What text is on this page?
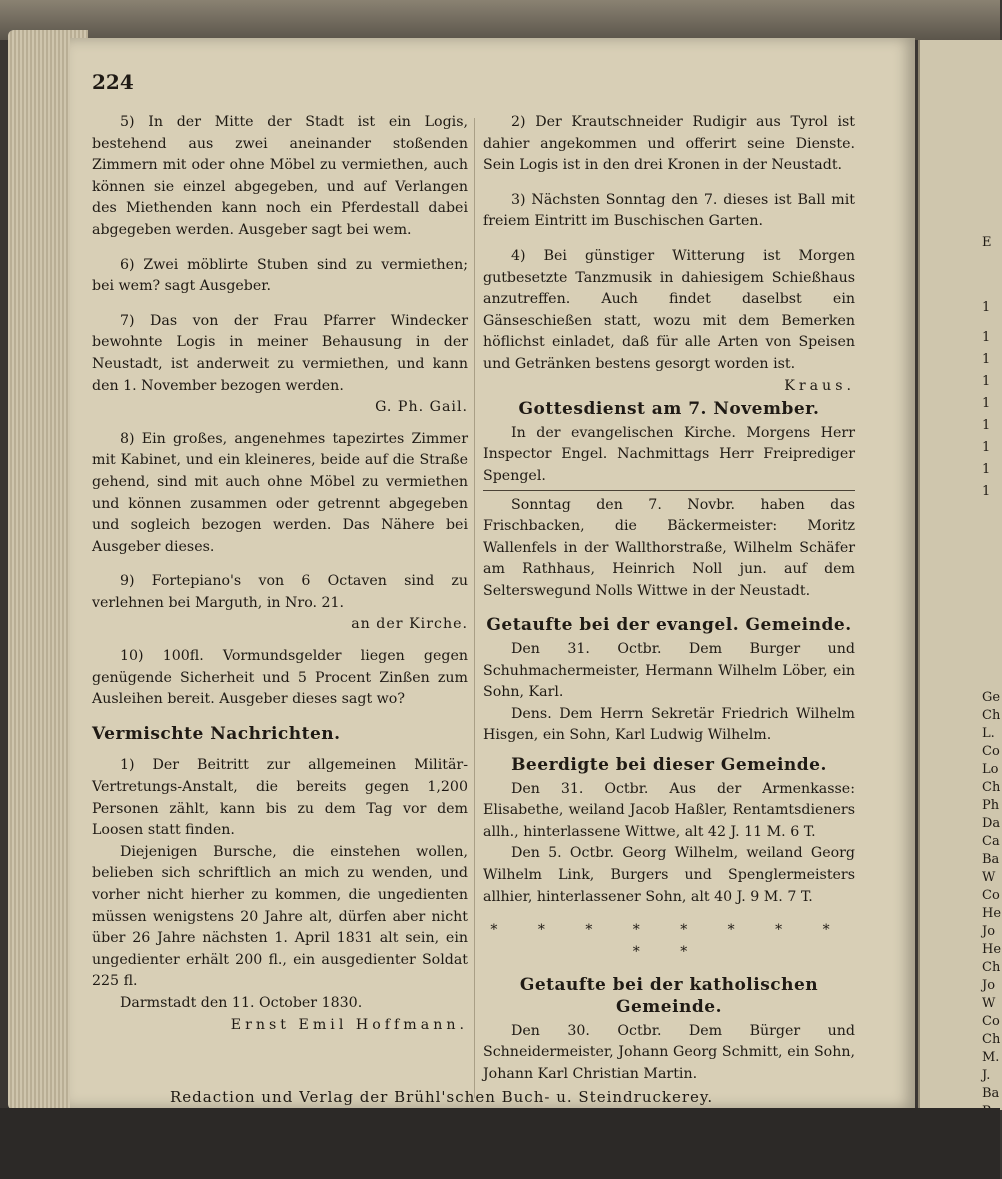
E
1
1
1
1
1
1
1
1
1
Ge
Ch
L.
Co
Lo
Ch
Ph
Da
Ca
Ba
W
Co
He
Jo
He
Ch
Jo
W
Co
Ch
M.
J.
Ba
224

5) In der Mitte der Stadt ist ein Logis, bestehend aus zwei aneinander stoßenden Zimmern mit oder ohne Möbel zu vermiethen, auch können sie einzel abgegeben, und auf Verlangen des Miethenden kann noch ein Pferdestall dabei abgegeben werden. Ausgeber sagt bei wem.

6) Zwei möblirte Stuben sind zu vermiethen; bei wem? sagt Ausgeber.

7) Das von der Frau Pfarrer Windecker bewohnte Logis in meiner Behausung in der Neustadt, ist anderweit zu vermiethen, und kann den 1. November bezogen werden.

G. Ph. Gail.

8) Ein großes, angenehmes tapezirtes Zimmer mit Kabinet, und ein kleineres, beide auf die Straße gehend, sind mit auch ohne Möbel zu vermiethen und können zusammen oder getrennt abgegeben und sogleich bezogen werden. Das Nähere bei Ausgeber dieses.

9) Fortepiano's von 6 Octaven sind zu verlehnen bei Marguth, in Nro. 21.

an der Kirche.

10) 100fl. Vormundsgelder liegen gegen genügende Sicherheit und 5 Procent Zinßen zum Ausleihen bereit. Ausgeber dieses sagt wo?

Vermischte Nachrichten.

1) Der Beitritt zur allgemeinen Militär-Vertretungs-Anstalt, die bereits gegen 1,200 Personen zählt, kann bis zu dem Tag vor dem Loosen statt finden.

Diejenigen Bursche, die einstehen wollen, belieben sich schriftlich an mich zu wenden, und vorher nicht hierher zu kommen, die ungedienten müssen wenigstens 20 Jahre alt, dürfen aber nicht über 26 Jahre nächsten 1. April 1831 alt sein, ein ungedienter erhält 200 fl., ein ausgedienter Soldat 225 fl.

Darmstadt den 11. October 1830.

Ernst Emil Hoffmann.

2) Der Krautschneider Rudigir aus Tyrol ist dahier angekommen und offerirt seine Dienste. Sein Logis ist in den drei Kronen in der Neustadt.

3) Nächsten Sonntag den 7. dieses ist Ball mit freiem Eintritt im Buschischen Garten.

4) Bei günstiger Witterung ist Morgen gutbesetzte Tanzmusik in dahiesigem Schießhaus anzutreffen. Auch findet daselbst ein Gänseschießen statt, wozu mit dem Bemerken höflichst einladet, daß für alle Arten von Speisen und Getränken bestens gesorgt worden ist.

Kraus.
Gottesdienst am 7. November.

In der evangelischen Kirche. Morgens Herr Inspector Engel. Nachmittags Herr Freiprediger Spengel.

Sonntag den 7. Novbr. haben das Frischbacken, die Bäckermeister: Moritz Wallenfels in der Wallthorstraße, Wilhelm Schäfer am Rathhaus, Heinrich Noll jun. auf dem Selterswegund Nolls Wittwe in der Neustadt.

Getaufte bei der evangel. Gemeinde.

Den 31. Octbr. Dem Burger und Schuhmachermeister, Hermann Wilhelm Löber, ein Sohn, Karl.

Dens. Dem Herrn Sekretär Friedrich Wilhelm Hisgen, ein Sohn, Karl Ludwig Wilhelm.

Beerdigte bei dieser Gemeinde.

Den 31. Octbr. Aus der Armenkasse: Elisabethe, weiland Jacob Haßler, Rentamtsdieners allh., hinterlassene Wittwe, alt 42 J. 11 M. 6 T.

Den 5. Octbr. Georg Wilhelm, weiland Georg Wilhelm Link, Burgers und Spenglermeisters allhier, hinterlassener Sohn, alt 40 J. 9 M. 7 T.

* * * * * * * * * *
Getaufte bei der katholischen Gemeinde.

Den 30. Octbr. Dem Bürger und Schneidermeister, Johann Georg Schmitt, ein Sohn, Johann Karl Christian Martin.

Redaction und Verlag der Brühl'schen Buch- u. Steindruckerey.
